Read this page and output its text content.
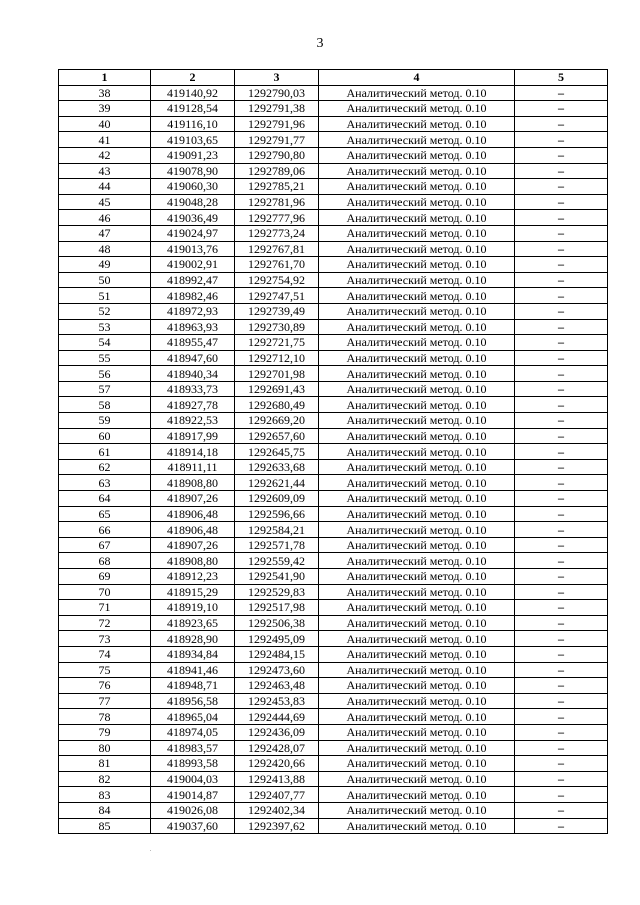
3
1	2	3	4	5
38	419140,92	1292790,03	Аналитический метод. 0.10	–
39	419128,54	1292791,38	Аналитический метод. 0.10	–
40	419116,10	1292791,96	Аналитический метод. 0.10	–
41	419103,65	1292791,77	Аналитический метод. 0.10	–
42	419091,23	1292790,80	Аналитический метод. 0.10	–
43	419078,90	1292789,06	Аналитический метод. 0.10	–
44	419060,30	1292785,21	Аналитический метод. 0.10	–
45	419048,28	1292781,96	Аналитический метод. 0.10	–
46	419036,49	1292777,96	Аналитический метод. 0.10	–
47	419024,97	1292773,24	Аналитический метод. 0.10	–
48	419013,76	1292767,81	Аналитический метод. 0.10	–
49	419002,91	1292761,70	Аналитический метод. 0.10	–
50	418992,47	1292754,92	Аналитический метод. 0.10	–
51	418982,46	1292747,51	Аналитический метод. 0.10	–
52	418972,93	1292739,49	Аналитический метод. 0.10	–
53	418963,93	1292730,89	Аналитический метод. 0.10	–
54	418955,47	1292721,75	Аналитический метод. 0.10	–
55	418947,60	1292712,10	Аналитический метод. 0.10	–
56	418940,34	1292701,98	Аналитический метод. 0.10	–
57	418933,73	1292691,43	Аналитический метод. 0.10	–
58	418927,78	1292680,49	Аналитический метод. 0.10	–
59	418922,53	1292669,20	Аналитический метод. 0.10	–
60	418917,99	1292657,60	Аналитический метод. 0.10	–
61	418914,18	1292645,75	Аналитический метод. 0.10	–
62	418911,11	1292633,68	Аналитический метод. 0.10	–
63	418908,80	1292621,44	Аналитический метод. 0.10	–
64	418907,26	1292609,09	Аналитический метод. 0.10	–
65	418906,48	1292596,66	Аналитический метод. 0.10	–
66	418906,48	1292584,21	Аналитический метод. 0.10	–
67	418907,26	1292571,78	Аналитический метод. 0.10	–
68	418908,80	1292559,42	Аналитический метод. 0.10	–
69	418912,23	1292541,90	Аналитический метод. 0.10	–
70	418915,29	1292529,83	Аналитический метод. 0.10	–
71	418919,10	1292517,98	Аналитический метод. 0.10	–
72	418923,65	1292506,38	Аналитический метод. 0.10	–
73	418928,90	1292495,09	Аналитический метод. 0.10	–
74	418934,84	1292484,15	Аналитический метод. 0.10	–
75	418941,46	1292473,60	Аналитический метод. 0.10	–
76	418948,71	1292463,48	Аналитический метод. 0.10	–
77	418956,58	1292453,83	Аналитический метод. 0.10	–
78	418965,04	1292444,69	Аналитический метод. 0.10	–
79	418974,05	1292436,09	Аналитический метод. 0.10	–
80	418983,57	1292428,07	Аналитический метод. 0.10	–
81	418993,58	1292420,66	Аналитический метод. 0.10	–
82	419004,03	1292413,88	Аналитический метод. 0.10	–
83	419014,87	1292407,77	Аналитический метод. 0.10	–
84	419026,08	1292402,34	Аналитический метод. 0.10	–
85	419037,60	1292397,62	Аналитический метод. 0.10	–
